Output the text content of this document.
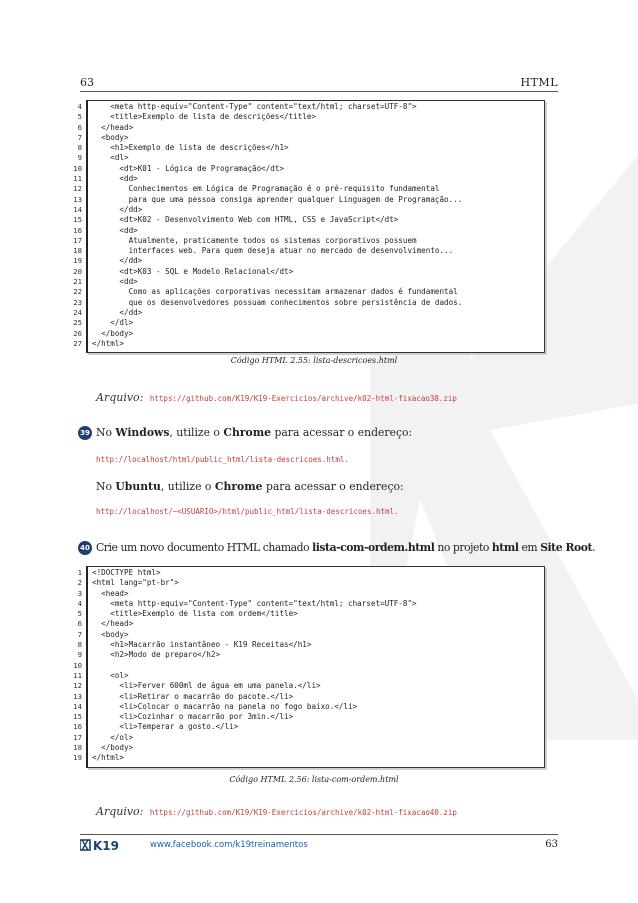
63	HTML
4 <meta http-equiv="Content-Type" content="text/html; charset=UTF-8">
5 <title>Exemplo de lista de descrições</title>
6 </head>
7 <body>
8 <h1>Exemplo de lista de descrições</h1>
9 <dl>
10 <dt>K01 - Lógica de Programação</dt>
11 <dd>
12 Conhecimentos em Lógica de Programação é o pré-requisito fundamental
13 para que uma pessoa consiga aprender qualquer Linguagem de Programação...
14 </dd>
15 <dt>K02 - Desenvolvimento Web com HTML, CSS e JavaScript</dt>
16 <dd>
17 Atualmente, praticamente todos os sistemas corporativos possuem
18 interfaces web. Para quem deseja atuar no mercado de desenvolvimento...
19 </dd>
20 <dt>K03 - SQL e Modelo Relacional</dt>
21 <dd>
22 Como as aplicações corporativas necessitam armazenar dados é fundamental
23 que os desenvolvedores possuam conhecimentos sobre persistência de dados.
24 </dd>
25 </dl>
26 </body>
27 </html>
Código HTML 2.55: lista-descricoes.html
Arquivo: https://github.com/K19/K19-Exercicios/archive/k02-html-fixacao38.zip
39 No Windows, utilize o Chrome para acessar o endereço:
http://localhost/html/public_html/lista-descricoes.html.
No Ubuntu, utilize o Chrome para acessar o endereço:
http://localhost/~<USUARIO>/html/public_html/lista-descricoes.html.
40 Crie um novo documento HTML chamado lista-com-ordem.html no projeto html em Site Root.
1 <!DOCTYPE html>
2 <html lang="pt-br">
3 <head>
4 <meta http-equiv="Content-Type" content="text/html; charset=UTF-8">
5 <title>Exemplo de lista com ordem</title>
6 </head>
7 <body>
8 <h1>Macarrão instantâneo - K19 Receitas</h1>
9 <h2>Modo de preparo</h2>
10
11 <ol>
12 <li>Ferver 600ml de água em uma panela.</li>
13 <li>Retirar o macarrão do pacote.</li>
14 <li>Colocar o macarrão na panela no fogo baixo.</li>
15 <li>Cozinhar o macarrão por 3min.</li>
16 <li>Temperar a gosto.</li>
17 </ol>
18 </body>
19 </html>
Código HTML 2.56: lista-com-ordem.html
Arquivo: https://github.com/K19/K19-Exercicios/archive/k02-html-fixacao40.zip
K19	www.facebook.com/k19treinamentos	63
